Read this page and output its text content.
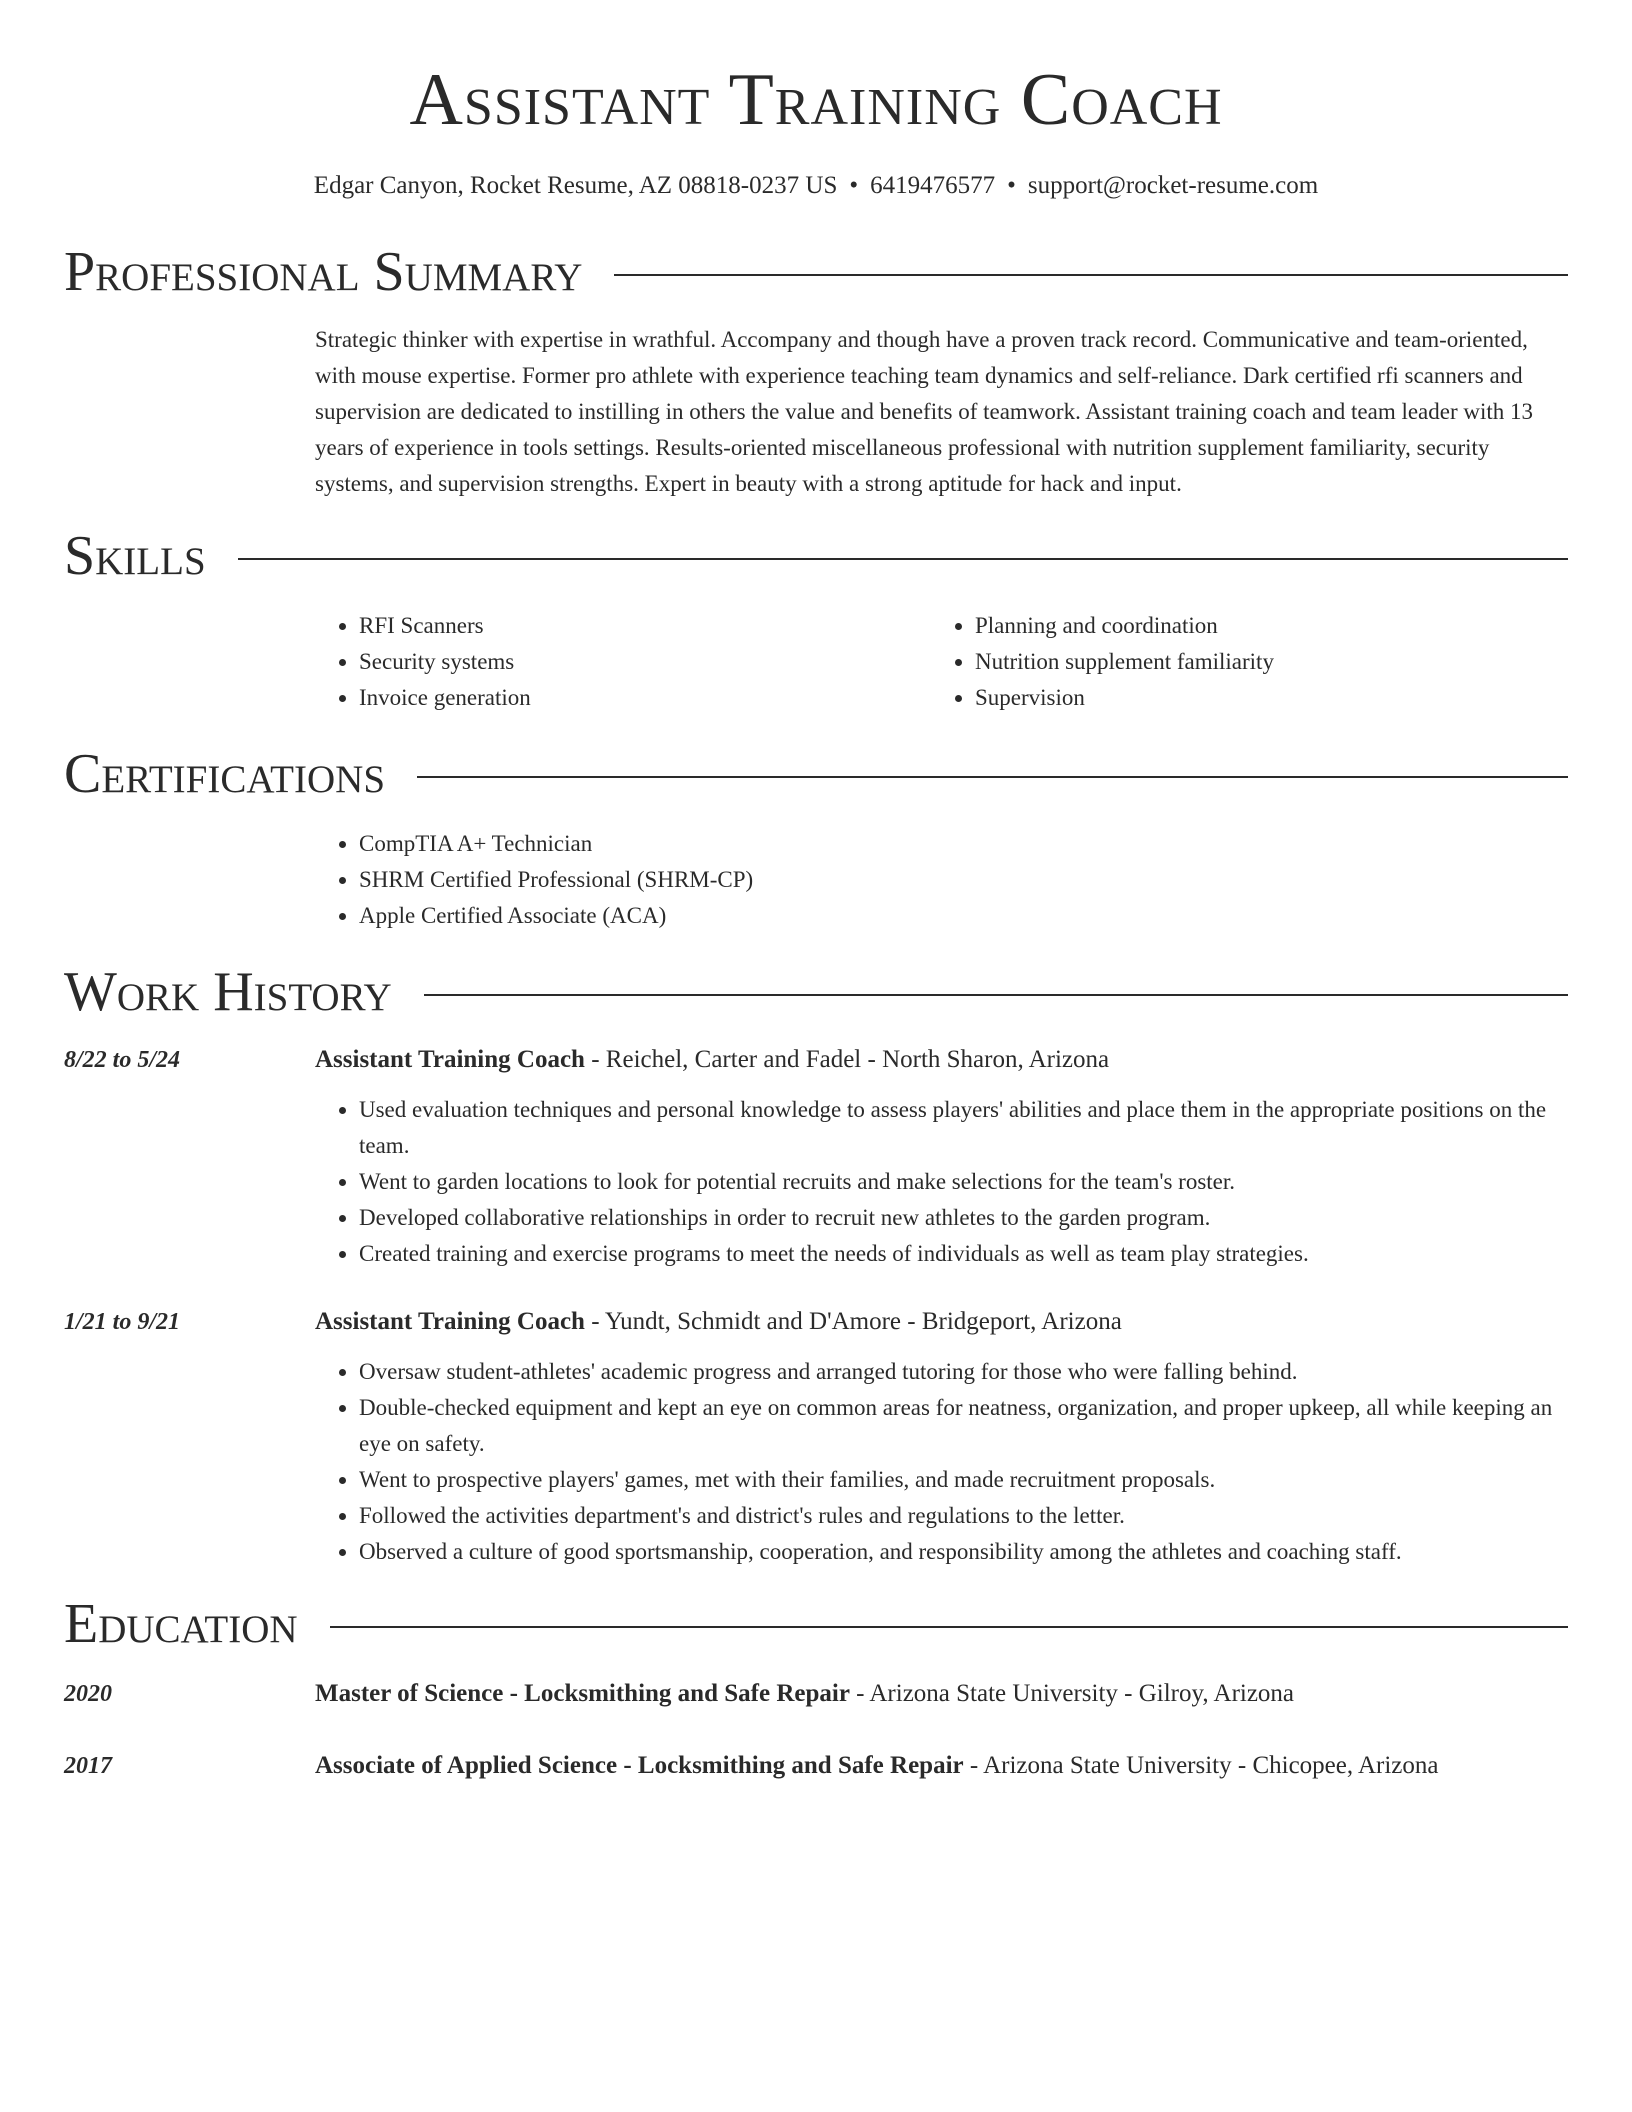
Assistant Training Coach
Edgar Canyon, Rocket Resume, AZ 08818-0237 US • 6419476577 • support@rocket-resume.com
Professional Summary
Strategic thinker with expertise in wrathful. Accompany and though have a proven track record. Communicative and team-oriented, with mouse expertise. Former pro athlete with experience teaching team dynamics and self-reliance. Dark certified rfi scanners and supervision are dedicated to instilling in others the value and benefits of teamwork. Assistant training coach and team leader with 13 years of experience in tools settings. Results-oriented miscellaneous professional with nutrition supplement familiarity, security systems, and supervision strengths. Expert in beauty with a strong aptitude for hack and input.
Skills
• RFI Scanners
• Security systems
• Invoice generation
• Planning and coordination
• Nutrition supplement familiarity
• Supervision
Certifications
• CompTIA A+ Technician
• SHRM Certified Professional (SHRM-CP)
• Apple Certified Associate (ACA)
Work History
8/22 to 5/24	Assistant Training Coach - Reichel, Carter and Fadel - North Sharon, Arizona
• Used evaluation techniques and personal knowledge to assess players' abilities and place them in the appropriate positions on the team.
• Went to garden locations to look for potential recruits and make selections for the team's roster.
• Developed collaborative relationships in order to recruit new athletes to the garden program.
• Created training and exercise programs to meet the needs of individuals as well as team play strategies.
1/21 to 9/21	Assistant Training Coach - Yundt, Schmidt and D'Amore - Bridgeport, Arizona
• Oversaw student-athletes' academic progress and arranged tutoring for those who were falling behind.
• Double-checked equipment and kept an eye on common areas for neatness, organization, and proper upkeep, all while keeping an eye on safety.
• Went to prospective players' games, met with their families, and made recruitment proposals.
• Followed the activities department's and district's rules and regulations to the letter.
• Observed a culture of good sportsmanship, cooperation, and responsibility among the athletes and coaching staff.
Education
2020	Master of Science - Locksmithing and Safe Repair - Arizona State University - Gilroy, Arizona
2017	Associate of Applied Science - Locksmithing and Safe Repair - Arizona State University - Chicopee, Arizona
